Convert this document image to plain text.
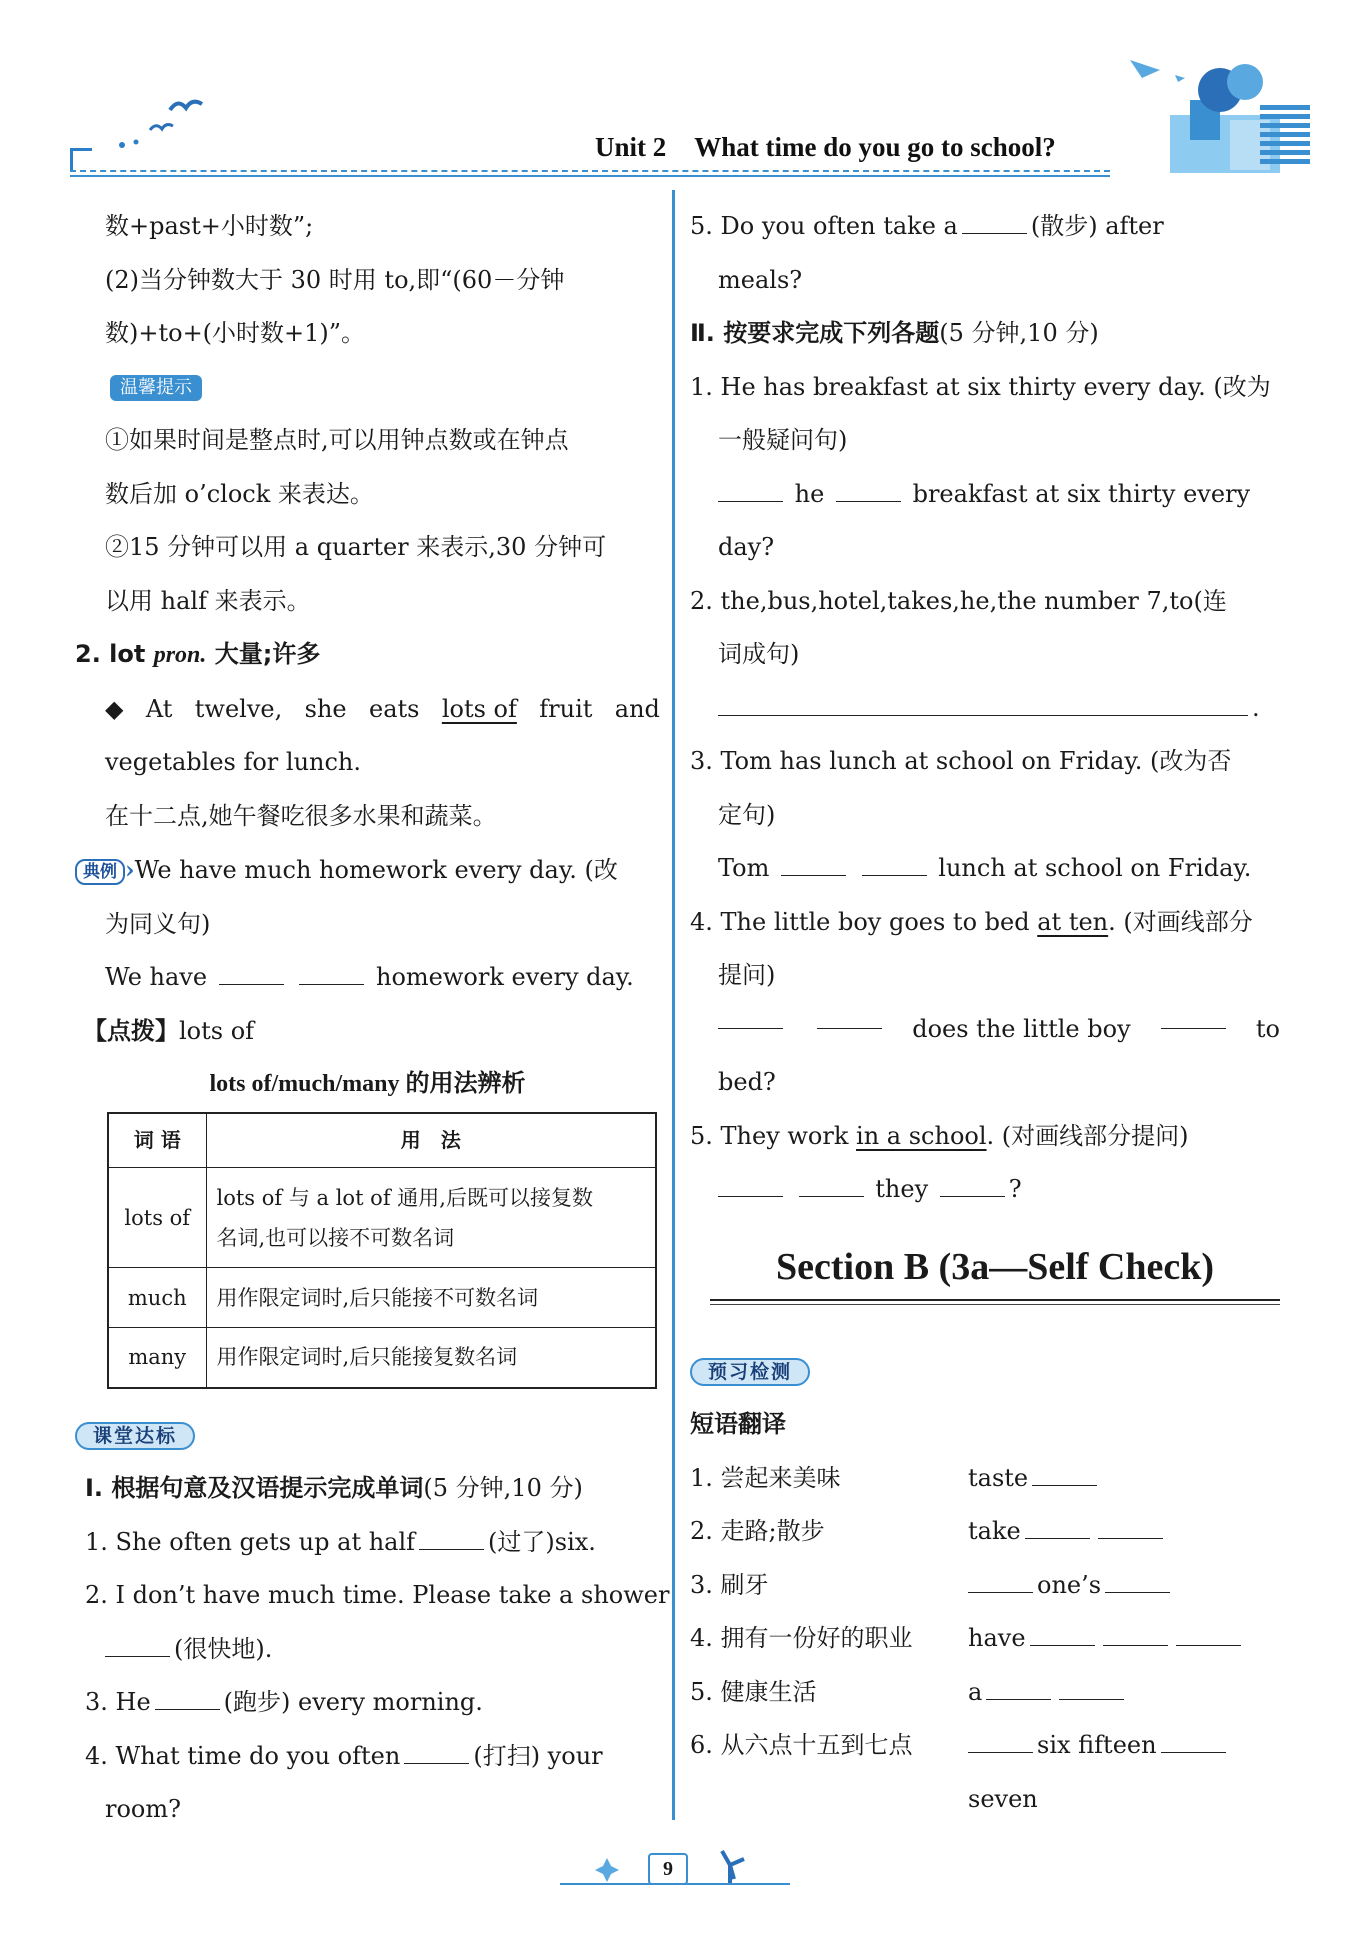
Unit 2 What time do you go to school?
数+past+小时数”;
(2)当分钟数大于 30 时用 to,即“(60－分钟
数)+to+(小时数+1)”。
温馨提示
①如果时间是整点时,可以用钟点数或在钟点
数后加 o’clock 来表达。
②15 分钟可以用 a quarter 来表示,30 分钟可
以用 half 来表示。
2. lot pron. 大量;许多
◆ At twelve, she eats lots of fruit and
vegetables for lunch.
在十二点,她午餐吃很多水果和蔬菜。
典例 ›We have much homework every day. (改
为同义句)
We have	homework every day.
【点拨】lots of
lots of/much/many 的用法辨析
词 语	用　法
lots of	lots of 与 a lot of 通用,后既可以接复数
名词,也可以接不可数名词

much	用作限定词时,后只能接不可数名词
many	用作限定词时,后只能接复数名词
课堂达标
Ⅰ. 根据句意及汉语提示完成单词(5 分钟,10 分)
1. She often gets up at half	(过了)six.
2. I don’t have much time. Please take a shower
(很快地).
3. He	(跑步) every morning.
4. What time do you often	(打扫) your
room?
5. Do you often take a	(散步) after
meals?
Ⅱ. 按要求完成下列各题(5 分钟,10 分)
1. He has breakfast at six thirty every day. (改为
一般疑问句)
he	breakfast at six thirty every
day?
2. the,bus,hotel,takes,he,the number 7,to(连
词成句)
.
3. Tom has lunch at school on Friday. (改为否
定句)
Tom	lunch at school on Friday.
4. The little boy goes to bed at ten. (对画线部分
提问)
does the little boy	to
bed?
5. They work in a school. (对画线部分提问)
they	?
Section B (3a—Self Check)
预习检测
短语翻译
1. 尝起来美味	taste
2. 走路;散步	take
3. 刷牙	one’s
4. 拥有一份好的职业	have
5. 健康生活	a
6. 从六点十五到七点	six fifteen
seven
9
